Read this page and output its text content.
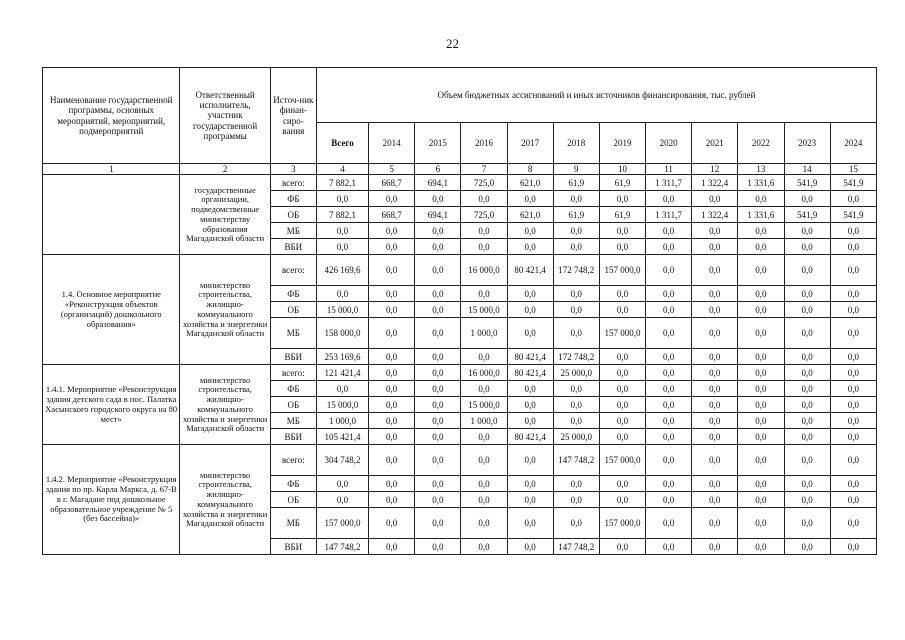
22
Наименование государственной программы, основных мероприятий, мероприятий, подмероприятий	Ответственный исполнитель, участник государственной программы	Источ-ник финан-сиро-вания	Объем бюджетных ассигнований и иных источников финансирования, тыс. рублей											
			Всего	2014	2015	2016	2017	2018	2019	2020	2021	2022	2023	2024
1	2	3	4	5	6	7	8	9	10	11	12	13	14	15
	государственные организации, подведомственные министерству образования Магаданской области	всего:	7 882,1	668,7	694,1	725,0	621,0	61,9	61,9	1 311,7	1 322,4	1 331,6	541,9	541,9
		ФБ	0,0	0,0	0,0	0,0	0,0	0,0	0,0	0,0	0,0	0,0	0,0	0,0
		ОБ	7 882,1	668,7	694,1	725,0	621,0	61,9	61,9	1 311,7	1 322,4	1 331,6	541,9	541,9
		МБ	0,0	0,0	0,0	0,0	0,0	0,0	0,0	0,0	0,0	0,0	0,0	0,0
		ВБИ	0,0	0,0	0,0	0,0	0,0	0,0	0,0	0,0	0,0	0,0	0,0	0,0
1.4. Основное мероприятие «Реконструкция объектов (организаций) дошкольного образования»	министерство строительства, жилищно-коммунального хозяйства и энергетики Магаданской области	всего:	426 169,6	0,0	0,0	16 000,0	80 421,4	172 748,2	157 000,0	0,0	0,0	0,0	0,0	0,0
		ФБ	0,0	0,0	0,0	0,0	0,0	0,0	0,0	0,0	0,0	0,0	0,0	0,0
		ОБ	15 000,0	0,0	0,0	15 000,0	0,0	0,0	0,0	0,0	0,0	0,0	0,0	0,0
		МБ	158 000,0	0,0	0,0	1 000,0	0,0	0,0	157 000,0	0,0	0,0	0,0	0,0	0,0
		ВБИ	253 169,6	0,0	0,0	0,0	80 421,4	172 748,2	0,0	0,0	0,0	0,0	0,0	0,0
1.4.1. Мероприятие «Реконструкция здания детского сада в пос. Палатка Хасынского городского округа на 80 мест»	министерство строительства, жилищно-коммунального хозяйства и энергетики Магаданской области	всего:	121 421,4	0,0	0,0	16 000,0	80 421,4	25 000,0	0,0	0,0	0,0	0,0	0,0	0,0
		ФБ	0,0	0,0	0,0	0,0	0,0	0,0	0,0	0,0	0,0	0,0	0,0	0,0
		ОБ	15 000,0	0,0	0,0	15 000,0	0,0	0,0	0,0	0,0	0,0	0,0	0,0	0,0
		МБ	1 000,0	0,0	0,0	1 000,0	0,0	0,0	0,0	0,0	0,0	0,0	0,0	0,0
		ВБИ	105 421,4	0,0	0,0	0,0	80 421,4	25 000,0	0,0	0,0	0,0	0,0	0,0	0,0
1.4.2. Мероприятие «Реконструкция здания по пр. Карла Маркса, д. 67-В в г. Магадане под дошкольное образовательное учреждение № 5 (без бассейна)»	министерство строительства, жилищно-коммунального хозяйства и энергетики Магаданской области	всего:	304 748,2	0,0	0,0	0,0	0,0	147 748,2	157 000,0	0,0	0,0	0,0	0,0	0,0
		ФБ	0,0	0,0	0,0	0,0	0,0	0,0	0,0	0,0	0,0	0,0	0,0	0,0
		ОБ	0,0	0,0	0,0	0,0	0,0	0,0	0,0	0,0	0,0	0,0	0,0	0,0
		МБ	157 000,0	0,0	0,0	0,0	0,0	0,0	157 000,0	0,0	0,0	0,0	0,0	0,0
		ВБИ	147 748,2	0,0	0,0	0,0	0,0	147 748,2	0,0	0,0	0,0	0,0	0,0	0,0
